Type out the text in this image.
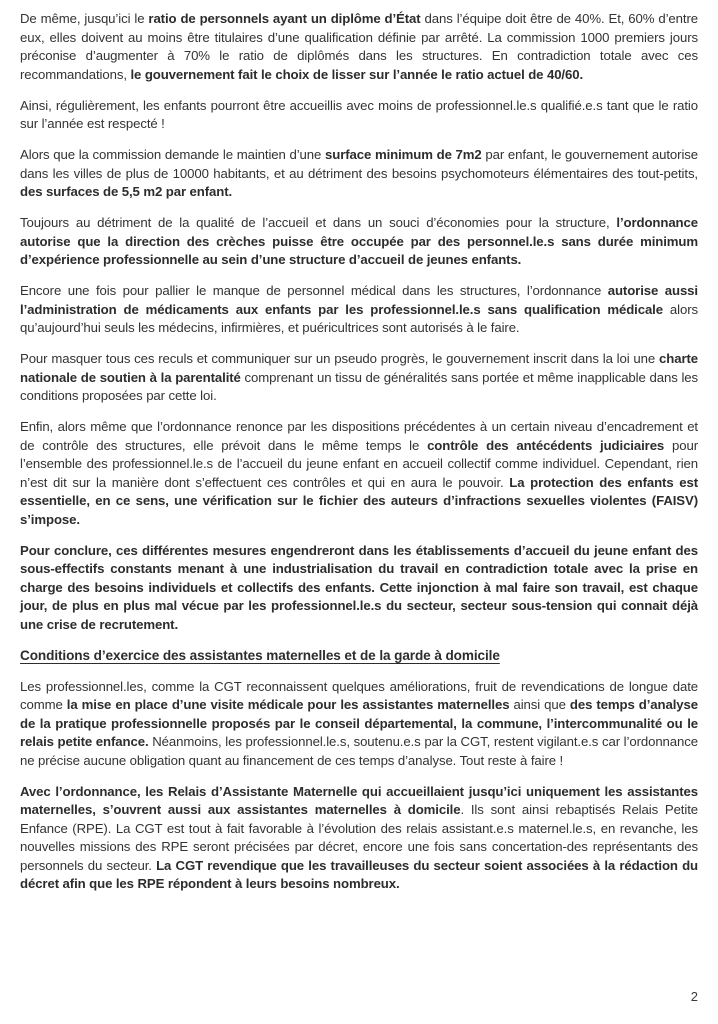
De même, jusqu’ici le ratio de personnels ayant un diplôme d’État dans l’équipe doit être de 40%. Et, 60% d’entre eux, elles doivent au moins être titulaires d’une qualification définie par arrêté. La commission 1000 premiers jours préconise d’augmenter à 70% le ratio de diplômés dans les structures. En contradiction totale avec ces recommandations, le gouvernement fait le choix de lisser sur l’année le ratio actuel de 40/60.

Ainsi, régulièrement, les enfants pourront être accueillis avec moins de professionnel.le.s qualifié.e.s tant que le ratio sur l’année est respecté !

Alors que la commission demande le maintien d’une surface minimum de 7m2 par enfant, le gouvernement autorise dans les villes de plus de 10000 habitants, et au détriment des besoins psychomoteurs élémentaires des tout-petits, des surfaces de 5,5 m2 par enfant.

Toujours au détriment de la qualité de l’accueil et dans un souci d’économies pour la structure, l’ordonnance autorise que la direction des crèches puisse être occupée par des personnel.le.s sans durée minimum d’expérience professionnelle au sein d’une structure d’accueil de jeunes enfants.

Encore une fois pour pallier le manque de personnel médical dans les structures, l’ordonnance autorise aussi l’administration de médicaments aux enfants par les professionnel.le.s sans qualification médicale alors qu’aujourd’hui seuls les médecins, infirmières, et puéricultrices sont autorisés à le faire.

Pour masquer tous ces reculs et communiquer sur un pseudo progrès, le gouvernement inscrit dans la loi une charte nationale de soutien à la parentalité comprenant un tissu de généralités sans portée et même inapplicable dans les conditions proposées par cette loi.

Enfin, alors même que l’ordonnance renonce par les dispositions précédentes à un certain niveau d’encadrement et de contrôle des structures, elle prévoit dans le même temps le contrôle des antécédents judiciaires pour l’ensemble des professionnel.le.s de l’accueil du jeune enfant en accueil collectif comme individuel. Cependant, rien n’est dit sur la manière dont s’effectuent ces contrôles et qui en aura le pouvoir. La protection des enfants est essentielle, en ce sens, une vérification sur le fichier des auteurs d’infractions sexuelles violentes (FAISV) s’impose.

Pour conclure, ces différentes mesures engendreront dans les établissements d’accueil du jeune enfant des sous-effectifs constants menant à une industrialisation du travail en contradiction totale avec la prise en charge des besoins individuels et collectifs des enfants. Cette injonction à mal faire son travail, est chaque jour, de plus en plus mal vécue par les professionnel.le.s du secteur, secteur sous-tension qui connait déjà une crise de recrutement.

Conditions d’exercice des assistantes maternelles et de la garde à domicile

Les professionnel.les, comme la CGT reconnaissent quelques améliorations, fruit de revendications de longue date comme la mise en place d’une visite médicale pour les assistantes maternelles ainsi que des temps d’analyse de la pratique professionnelle proposés par le conseil départemental, la commune, l’intercommunalité ou le relais petite enfance. Néanmoins, les professionnel.le.s, soutenu.e.s par la CGT, restent vigilant.e.s car l’ordonnance ne précise aucune obligation quant au financement de ces temps d’analyse. Tout reste à faire !

Avec l’ordonnance, les Relais d’Assistante Maternelle qui accueillaient jusqu’ici uniquement les assistantes maternelles, s’ouvrent aussi aux assistantes maternelles à domicile. Ils sont ainsi rebaptisés Relais Petite Enfance (RPE). La CGT est tout à fait favorable à l’évolution des relais assistant.e.s maternel.le.s, en revanche, les nouvelles missions des RPE seront précisées par décret, encore une fois sans concertation-des représentants des personnels du secteur. La CGT revendique que les travailleuses du secteur soient associées à la rédaction du décret afin que les RPE répondent à leurs besoins nombreux.

2
